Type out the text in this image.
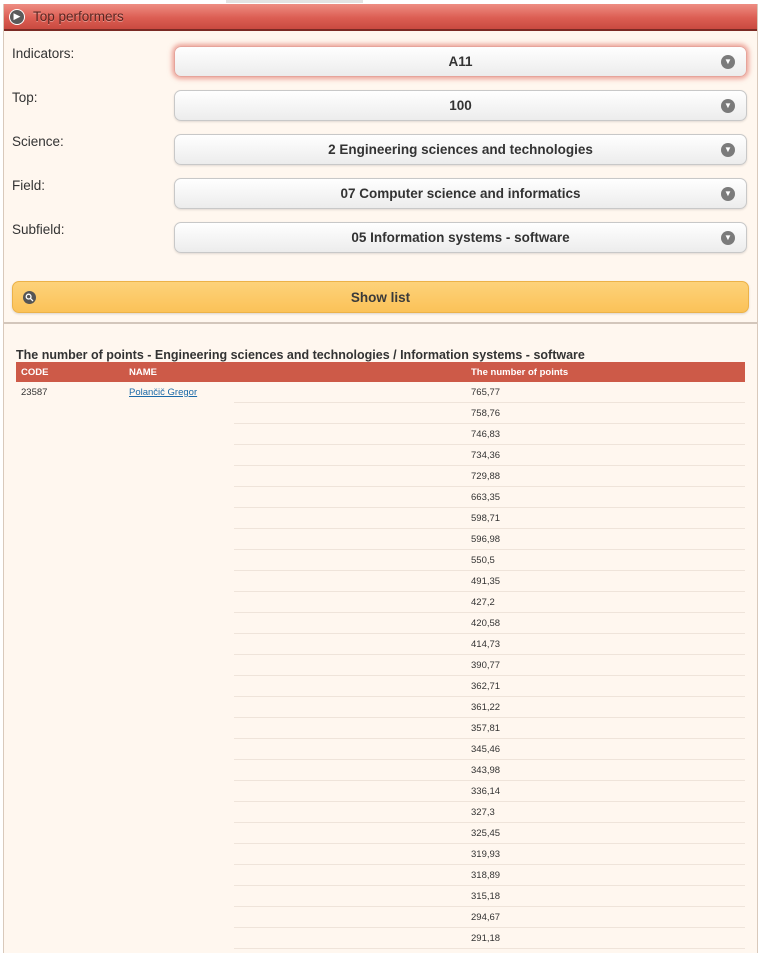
▶ Top performers
Indicators:
A11	▼
Top:
100	▼
Science:
2 Engineering sciences and technologies	▼
Field:
07 Computer science and informatics	▼
Subfield:
05 Information systems - software	▼
Show list
The number of points - Engineering sciences and technologies / Information systems - software
CODE	NAME		The number of points
23587	Polančič Gregor		765,77
			758,76
			746,83
			734,36
			729,88
			663,35
			598,71
			596,98
			550,5
			491,35
			427,2
			420,58
			414,73
			390,77
			362,71
			361,22
			357,81
			345,46
			343,98
			336,14
			327,3
			325,45
			319,93
			318,89
			315,18
			294,67
			291,18
